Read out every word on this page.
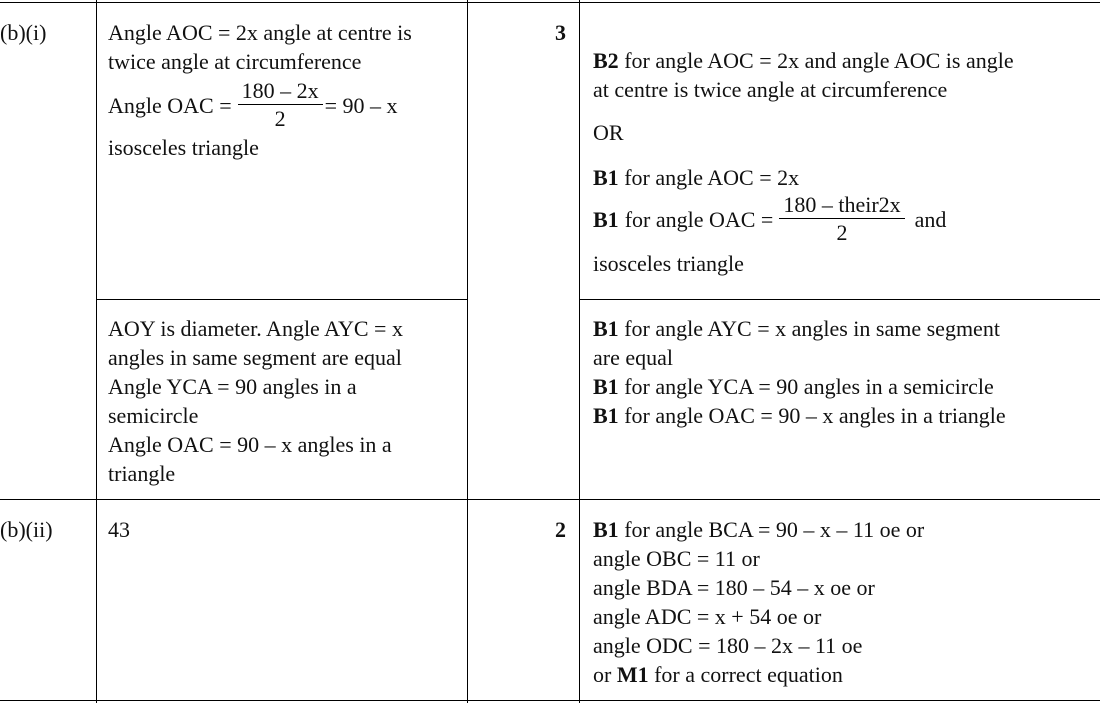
(b)(i)
(b)(ii)
3
2
Angle AOC = 2x angle at centre is
twice angle at circumference
Angle OAC = $\frac{180 - 2x}{2} = 90 - x$
isosceles triangle
AOY is diameter. Angle AYC = x
angles in same segment are equal
Angle YCA = 90 angles in a
semicircle
Angle OAC = 90 – x angles in a
triangle
43
B2 for angle AOC = 2x and angle AOC is angle
at centre is twice angle at circumference
OR
B1 for angle AOC = 2x
B1 for angle OAC = $\frac{\text{180 – their2x}}{2}$ and
isosceles triangle
B1 for angle AYC = x angles in same segment
are equal
B1 for angle YCA = 90 angles in a semicircle
B1 for angle OAC = 90 – x angles in a triangle
B1 for angle BCA = 90 – x – 11 oe or
angle OBC = 11 or
angle BDA = 180 – 54 – x oe or
angle ADC = x + 54 oe or
angle ODC = 180 – 2x – 11 oe
or M1 for a correct equation
